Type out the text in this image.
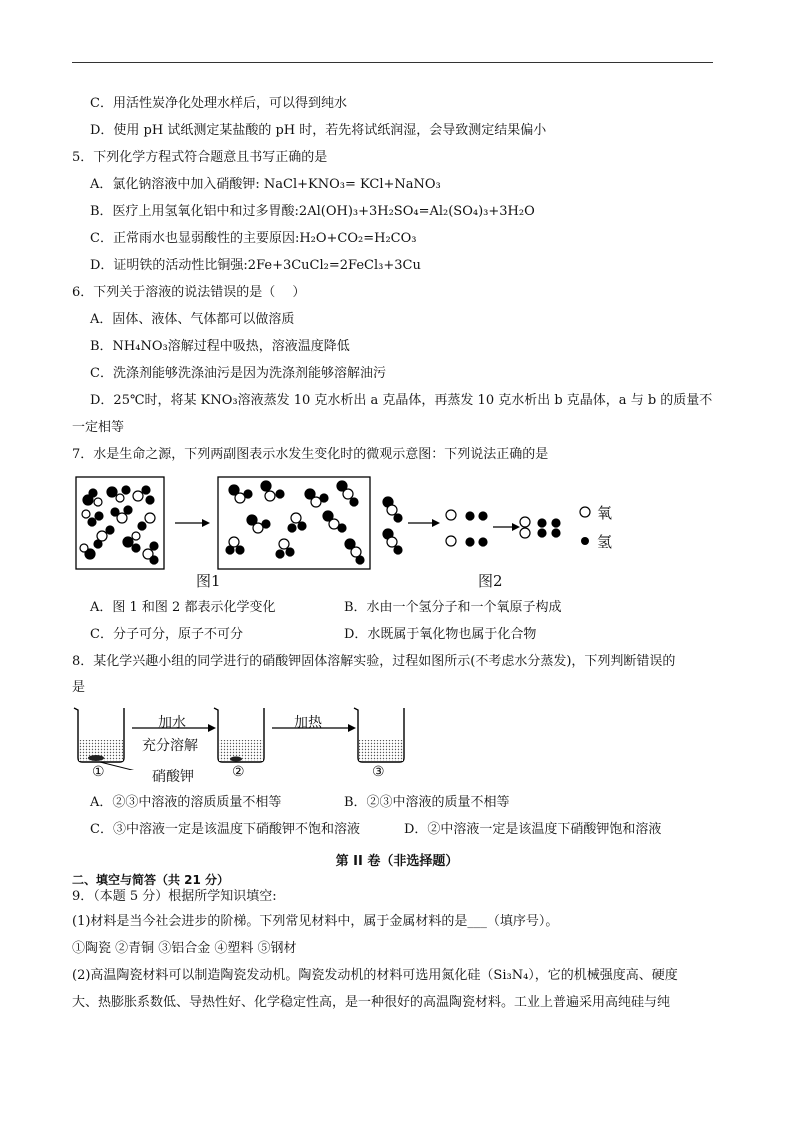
C．用活性炭净化处理水样后，可以得到纯水
D．使用 pH 试纸测定某盐酸的 pH 时，若先将试纸润湿，会导致测定结果偏小
5．下列化学方程式符合题意且书写正确的是
A．氯化钠溶液中加入硝酸钾: NaCl+KNO₃= KCl+NaNO₃
B．医疗上用氢氧化铝中和过多胃酸:2Al(OH)₃+3H₂SO₄=Al₂(SO₄)₃+3H₂O
C．正常雨水也显弱酸性的主要原因:H₂O+CO₂=H₂CO₃
D．证明铁的活动性比铜强:2Fe+3CuCl₂=2FeCl₃+3Cu
6．下列关于溶液的说法错误的是（　 ）
A．固体、液体、气体都可以做溶质
B．NH₄NO₃溶解过程中吸热，溶液温度降低
C．洗涤剂能够洗涤油污是因为洗涤剂能够溶解油污
D．25℃时，将某 KNO₃溶液蒸发 10 克水析出 a 克晶体，再蒸发 10 克水析出 b 克晶体，a 与 b 的质量不
一定相等
7．水是生命之源，下列两副图表示水发生变化时的微观示意图：下列说法正确的是
氧
氢
图1	图2
A．图 1 和图 2 都表示化学变化	B．水由一个氢分子和一个氧原子构成
C．分子可分，原子不可分	D．水既属于氧化物也属于化合物
8．某化学兴趣小组的同学进行的硝酸钾固体溶解实验，过程如图所示(不考虑水分蒸发)，下列判断错误的
是
加水
充分溶解
加热
硝酸钾
①	②	③
A．②③中溶液的溶质质量不相等	B．②③中溶液的质量不相等
C．③中溶液一定是该温度下硝酸钾不饱和溶液	D．②中溶液一定是该温度下硝酸钾饱和溶液
第 II 卷（非选择题）
二、填空与简答（共 21 分）
9．（本题 5 分）根据所学知识填空:
(1)材料是当今社会进步的阶梯。下列常见材料中，属于金属材料的是___（填序号）。
①陶瓷 ②青铜 ③铝合金 ④塑料 ⑤钢材
(2)高温陶瓷材料可以制造陶瓷发动机。陶瓷发动机的材料可选用氮化硅（Si₃N₄），它的机械强度高、硬度
大、热膨胀系数低、导热性好、化学稳定性高，是一种很好的高温陶瓷材料。工业上普遍采用高纯硅与纯
